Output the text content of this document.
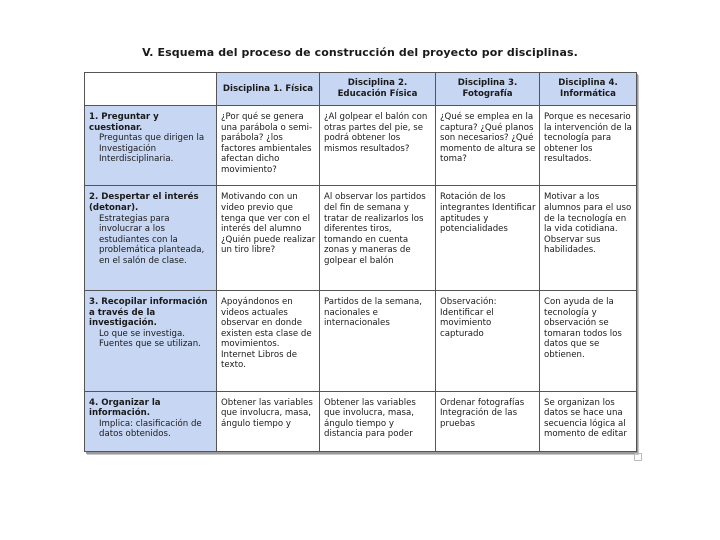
V. Esquema del proceso de construcción del proyecto por disciplinas.
	Disciplina 1. Física	Disciplina 2. Educación Física	Disciplina 3. Fotografía	Disciplina 4. Informática

1. Preguntar y cuestionar.
Preguntas que dirigen la Investigación Interdisciplinaria.	¿Por qué se genera una parábola o semi-parábola? ¿los factores ambientales afectan dicho movimiento?	¿Al golpear el balón con otras partes del pie, se podrá obtener los mismos resultados?	¿Qué se emplea en la captura? ¿Qué planos son necesarios? ¿Qué momento de altura se toma?	Porque es necesario la intervención de la tecnología para obtener los resultados.

2. Despertar el interés (detonar).
Estrategias para involucrar a los estudiantes con la problemática planteada, en el salón de clase.	Motivando con un video previo que tenga que ver con el interés del alumno ¿Quién puede realizar un tiro libre?	Al observar los partidos del fin de semana y tratar de realizarlos los diferentes tiros, tomando en cuenta zonas y maneras de golpear el balón	Rotación de los integrantes Identificar aptitudes y potencialidades	Motivar a los alumnos para el uso de la tecnología en la vida cotidiana. Observar sus habilidades.

3. Recopilar información a través de la investigación.
Lo que se investiga. Fuentes que se utilizan.	Apoyándonos en videos actuales observar en donde existen esta clase de movimientos. Internet Libros de texto.	Partidos de la semana, nacionales e internacionales	Observación: Identificar el movimiento capturado	Con ayuda de la tecnología y observación se tomaran todos los datos que se obtienen.

4. Organizar la información.
Implica: clasificación de datos obtenidos.	Obtener las variables que involucra, masa, ángulo tiempo y	Obtener las variables que involucra, masa, ángulo tiempo y distancia para poder	Ordenar fotografías Integración de las pruebas	Se organizan los datos se hace una secuencia lógica al momento de editar
